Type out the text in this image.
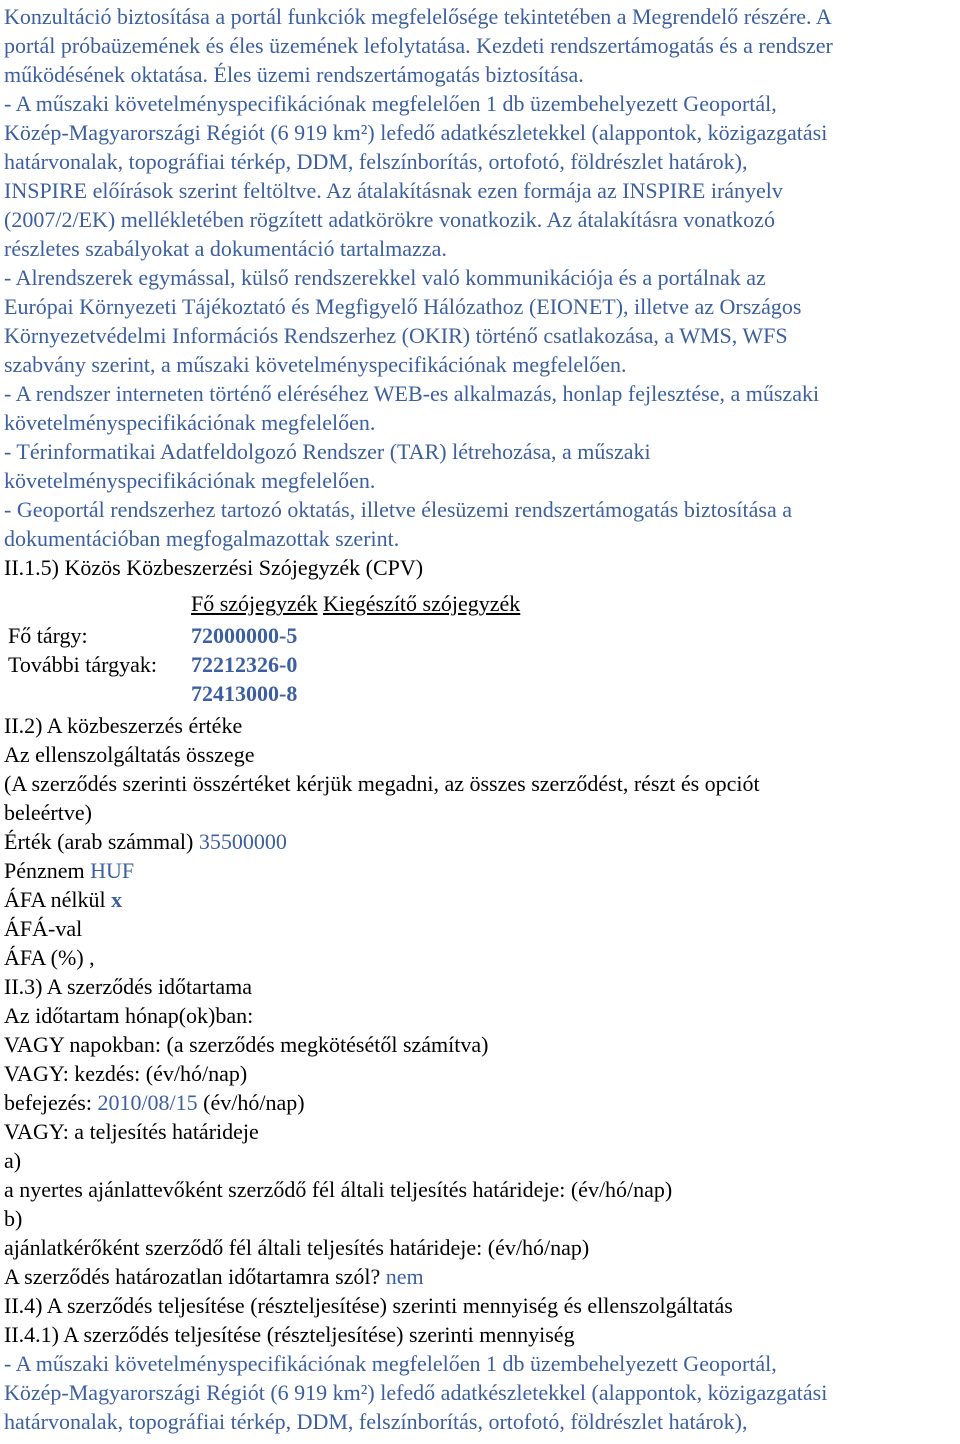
Konzultáció biztosítása a portál funkciók megfelelősége tekintetében a Megrendelő részére. A
portál próbaüzemének és éles üzemének lefolytatása. Kezdeti rendszertámogatás és a rendszer
működésének oktatása. Éles üzemi rendszertámogatás biztosítása.
- A műszaki követelményspecifikációnak megfelelően 1 db üzembehelyezett Geoportál,
Közép-Magyarországi Régiót (6 919 km²) lefedő adatkészletekkel (alappontok, közigazgatási
határvonalak, topográfiai térkép, DDM, felszínborítás, ortofotó, földrészlet határok),
INSPIRE előírások szerint feltöltve. Az átalakításnak ezen formája az INSPIRE irányelv
(2007/2/EK) mellékletében rögzített adatkörökre vonatkozik. Az átalakításra vonatkozó
részletes szabályokat a dokumentáció tartalmazza.
- Alrendszerek egymással, külső rendszerekkel való kommunikációja és a portálnak az
Európai Környezeti Tájékoztató és Megfigyelő Hálózathoz (EIONET), illetve az Országos
Környezetvédelmi Információs Rendszerhez (OKIR) történő csatlakozása, a WMS, WFS
szabvány szerint, a műszaki követelményspecifikációnak megfelelően.
- A rendszer interneten történő eléréséhez WEB-es alkalmazás, honlap fejlesztése, a műszaki
követelményspecifikációnak megfelelően.
- Térinformatikai Adatfeldolgozó Rendszer (TAR) létrehozása, a műszaki
követelményspecifikációnak megfelelően.
- Geoportál rendszerhez tartozó oktatás, illetve élesüzemi rendszertámogatás biztosítása a
dokumentációban megfogalmazottak szerint.
II.1.5) Közös Közbeszerzési Szójegyzék (CPV)
Fő szójegyzék Kiegészítő szójegyzék
Fő tárgy:	72000000-5
További tárgyak:	72212326-0
72413000-8
II.2) A közbeszerzés értéke
Az ellenszolgáltatás összege
(A szerződés szerinti összértéket kérjük megadni, az összes szerződést, részt és opciót
beleértve)
Érték (arab számmal) 35500000
Pénznem HUF
ÁFA nélkül x
ÁFÁ-val
ÁFA (%) ,
II.3) A szerződés időtartama
Az időtartam hónap(ok)ban:
VAGY napokban: (a szerződés megkötésétől számítva)
VAGY: kezdés: (év/hó/nap)
befejezés: 2010/08/15 (év/hó/nap)
VAGY: a teljesítés határideje
a)
a nyertes ajánlattevőként szerződő fél általi teljesítés határideje: (év/hó/nap)
b)
ajánlatkérőként szerződő fél általi teljesítés határideje: (év/hó/nap)
A szerződés határozatlan időtartamra szól? nem
II.4) A szerződés teljesítése (részteljesítése) szerinti mennyiség és ellenszolgáltatás
II.4.1) A szerződés teljesítése (részteljesítése) szerinti mennyiség
- A műszaki követelményspecifikációnak megfelelően 1 db üzembehelyezett Geoportál,
Közép-Magyarországi Régiót (6 919 km²) lefedő adatkészletekkel (alappontok, közigazgatási
határvonalak, topográfiai térkép, DDM, felszínborítás, ortofotó, földrészlet határok),
